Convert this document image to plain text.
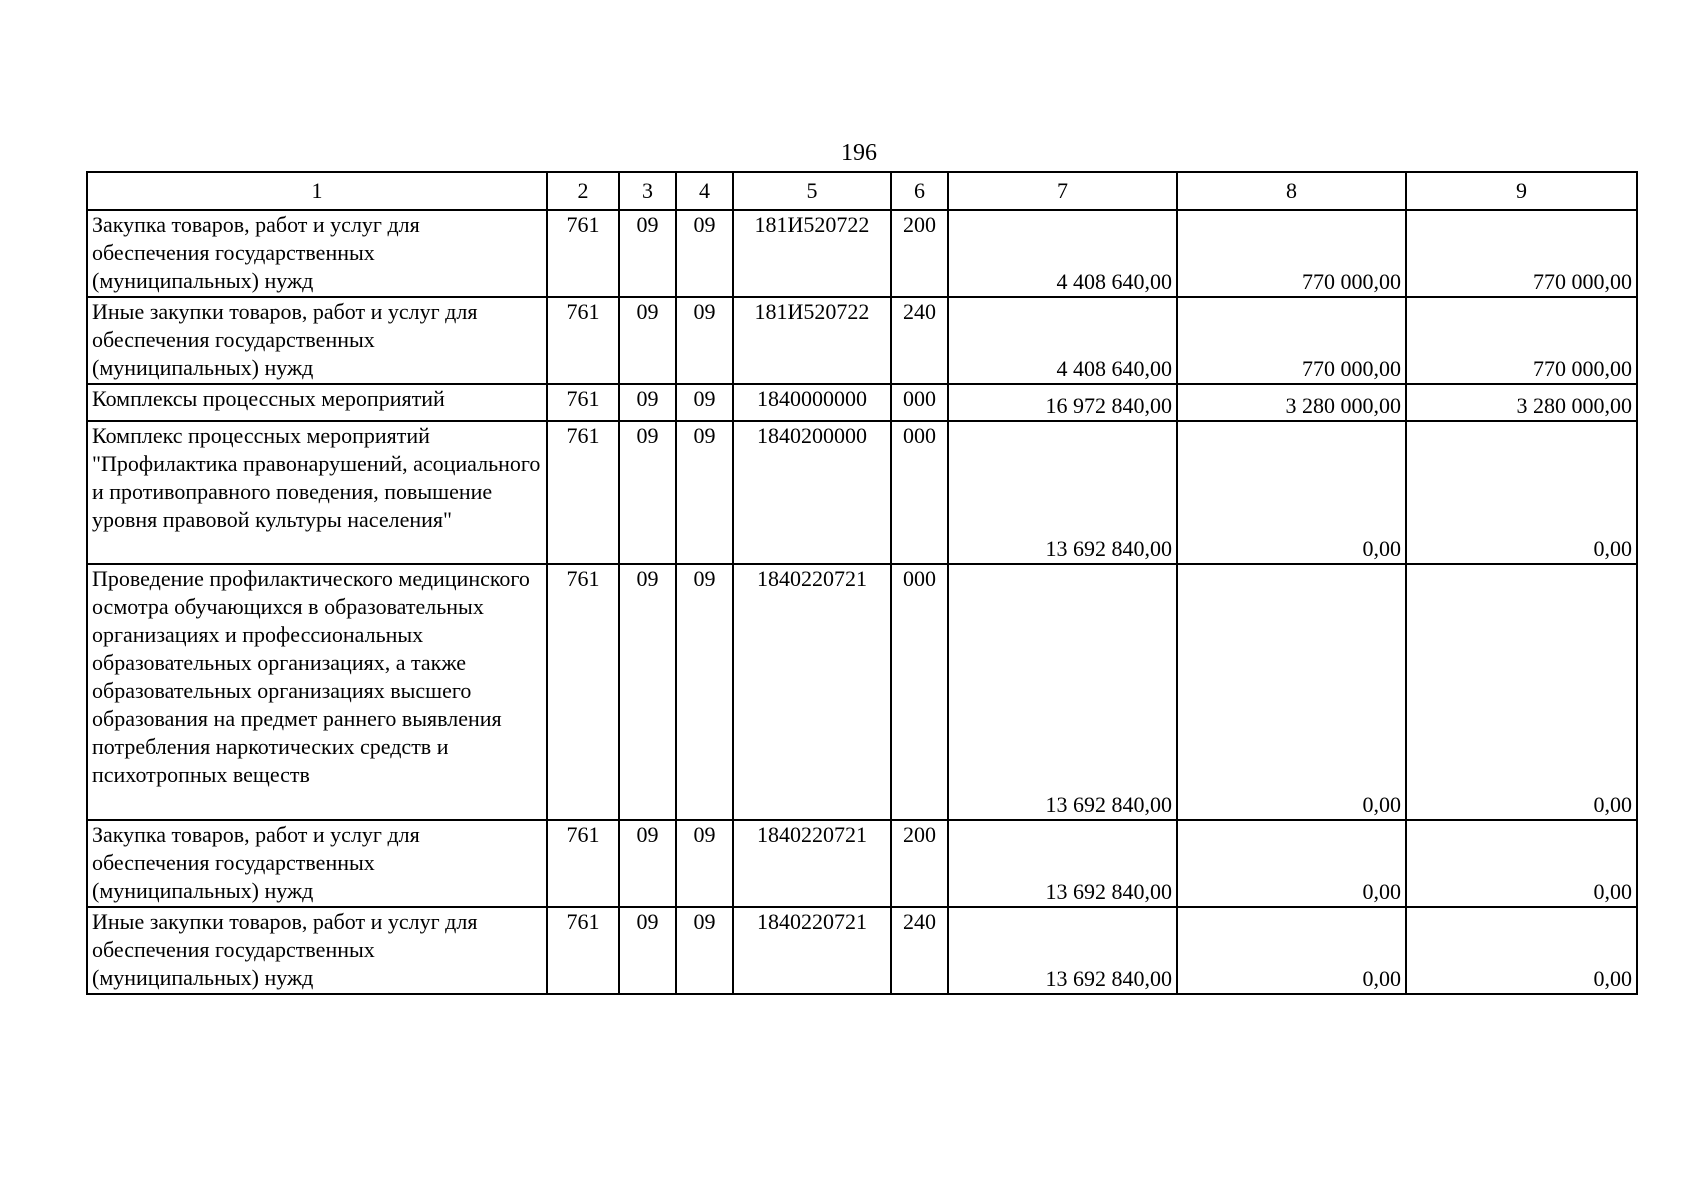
196
1	2	3	4	5	6	7	8	9
Закупка товаров, работ и услуг для обеспечения государственных (муниципальных) нужд	761	09	09	181И520722	200	4 408 640,00	770 000,00	770 000,00
Иные закупки товаров, работ и услуг для обеспечения государственных (муниципальных) нужд	761	09	09	181И520722	240	4 408 640,00	770 000,00	770 000,00
Комплексы процессных мероприятий	761	09	09	1840000000	000	16 972 840,00	3 280 000,00	3 280 000,00
Комплекс процессных мероприятий "Профилактика правонарушений, асоциального и противоправного поведения, повышение уровня правовой культуры населения"	761	09	09	1840200000	000	13 692 840,00	0,00	0,00
Проведение профилактического медицинского осмотра обучающихся в образовательных организациях и профессиональных образовательных организациях, а также образовательных организациях высшего образования на предмет раннего выявления потребления наркотических средств и психотропных веществ	761	09	09	1840220721	000	13 692 840,00	0,00	0,00
Закупка товаров, работ и услуг для обеспечения государственных (муниципальных) нужд	761	09	09	1840220721	200	13 692 840,00	0,00	0,00
Иные закупки товаров, работ и услуг для обеспечения государственных (муниципальных) нужд	761	09	09	1840220721	240	13 692 840,00	0,00	0,00
